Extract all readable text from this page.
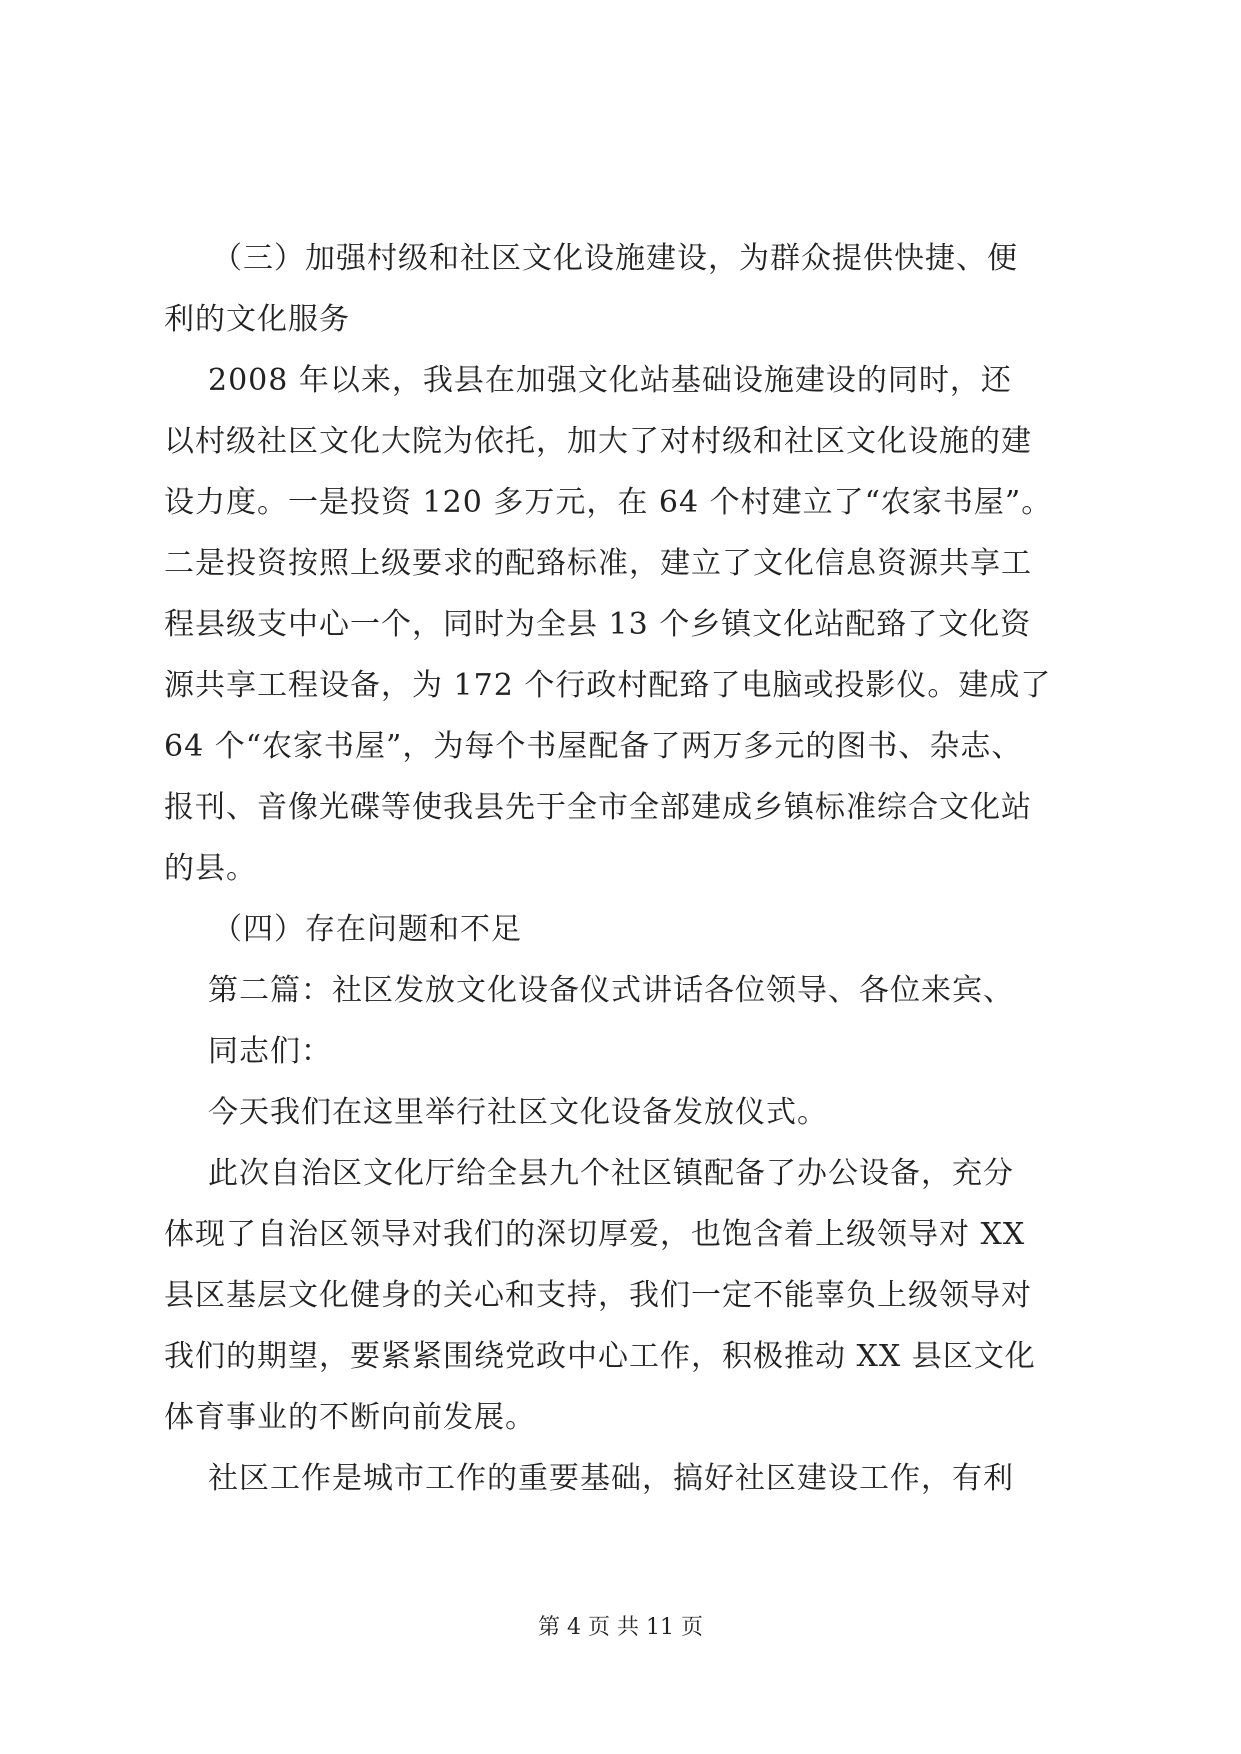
（三）加强村级和社区文化设施建设，为群众提供快捷、便
利的文化服务
2008 年以来，我县在加强文化站基础设施建设的同时，还
以村级社区文化大院为依托，加大了对村级和社区文化设施的建
设力度。一是投资 120 多万元，在 64 个村建立了“农家书屋”。
二是投资按照上级要求的配臵标准，建立了文化信息资源共享工
程县级支中心一个，同时为全县 13 个乡镇文化站配臵了文化资
源共享工程设备，为 172 个行政村配臵了电脑或投影仪。建成了
64 个“农家书屋”，为每个书屋配备了两万多元的图书、杂志、
报刊、音像光碟等使我县先于全市全部建成乡镇标准综合文化站
的县。
（四）存在问题和不足
第二篇：社区发放文化设备仪式讲话各位领导、各位来宾、
同志们：
今天我们在这里举行社区文化设备发放仪式。
此次自治区文化厅给全县九个社区镇配备了办公设备，充分
体现了自治区领导对我们的深切厚爱，也饱含着上级领导对 XX
县区基层文化健身的关心和支持，我们一定不能辜负上级领导对
我们的期望，要紧紧围绕党政中心工作，积极推动 XX 县区文化
体育事业的不断向前发展。
社区工作是城市工作的重要基础，搞好社区建设工作，有利
第 4 页 共 11 页
